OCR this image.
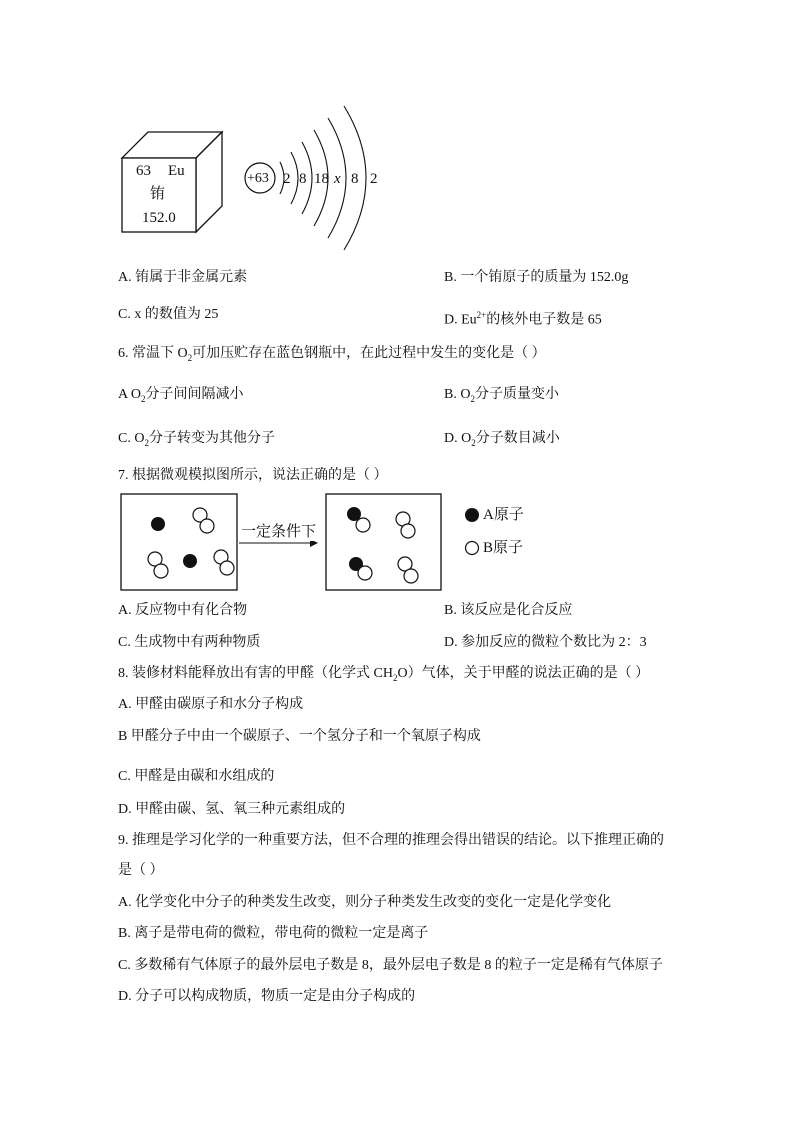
63 Eu
铕
152.0
+63 2 8 18 x 8 2
A. 铕属于非金属元素	B. 一个铕原子的质量为 152.0g
C. x 的数值为 25	D. $Eu^{2+}$的核外电子数是 65
6. 常温下 $O_2$可加压贮存在蓝色钢瓶中，在此过程中发生的变化是（ ）
A $O_2$分子间间隔减小	B. $O_2$分子质量变小
C. $O_2$分子转变为其他分子	D. $O_2$分子数目减小
7. 根据微观模拟图所示，说法正确的是（ ）
一定条件下
A原子
B原子
A. 反应物中有化合物	B. 该反应是化合反应
C. 生成物中有两种物质	D. 参加反应的微粒个数比为 2：3
8. 装修材料能释放出有害的甲醛（化学式 $CH_2O$）气体，关于甲醛的说法正确的是（ ）
A. 甲醛由碳原子和水分子构成
B 甲醛分子中由一个碳原子、一个氢分子和一个氧原子构成
C. 甲醛是由碳和水组成的
D. 甲醛由碳、氢、氧三种元素组成的
9. 推理是学习化学的一种重要方法，但不合理的推理会得出错误的结论。以下推理正确的
是（ ）
A. 化学变化中分子的种类发生改变，则分子种类发生改变的变化一定是化学变化
B. 离子是带电荷的微粒，带电荷的微粒一定是离子
C. 多数稀有气体原子的最外层电子数是 8，最外层电子数是 8 的粒子一定是稀有气体原子
D. 分子可以构成物质，物质一定是由分子构成的
